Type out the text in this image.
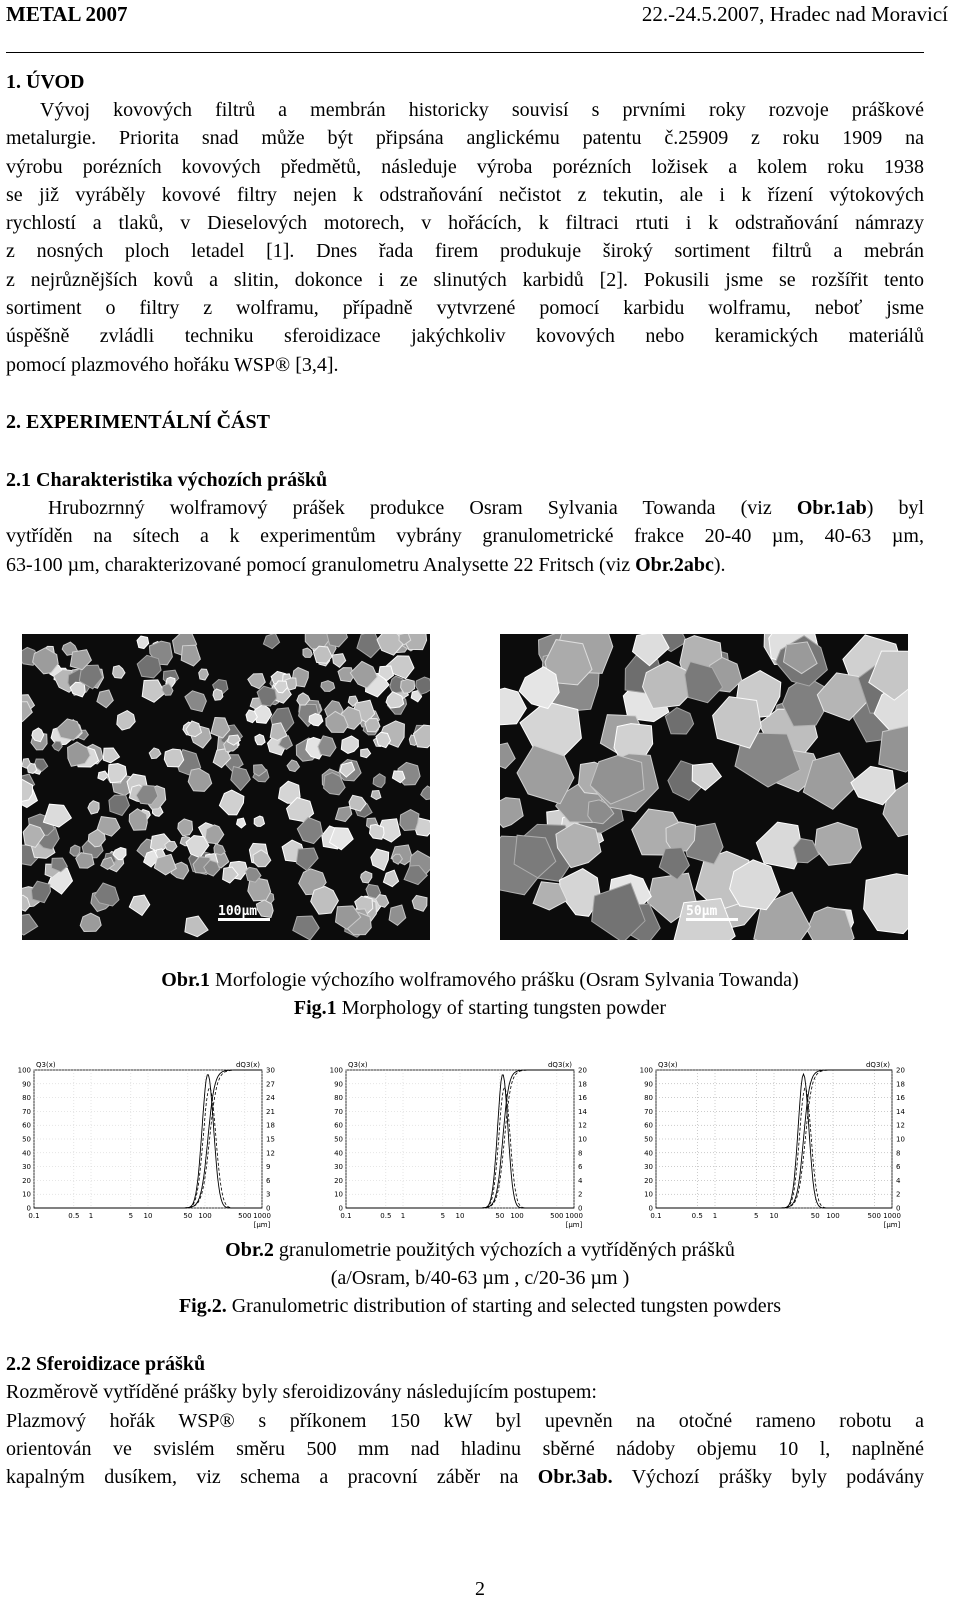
METAL 2007	22.-24.5.2007, Hradec nad Moravicí
1. ÚVOD
Vývoj kovových filtrů a membrán historicky souvisí s prvními roky rozvoje práškové
metalurgie. Priorita snad může být připsána anglickému patentu č.25909 z roku 1909 na
výrobu porézních kovových předmětů, následuje výroba porézních ložisek a kolem roku 1938
se již vyráběly kovové filtry nejen k odstraňování nečistot z tekutin, ale i k řízení výtokových
rychlostí a tlaků, v Dieselových motorech, v hořácích, k filtraci rtuti i k odstraňování námrazy
z nosných ploch letadel [1]. Dnes řada firem produkuje široký sortiment filtrů a mebrán
z nejrůznějších kovů a slitin, dokonce i ze slinutých karbidů [2]. Pokusili jsme se rozšířit tento
sortiment o filtry z wolframu, případně vytvrzené pomocí karbidu wolframu, neboť jsme
úspěšně zvládli techniku sferoidizace jakýchkoliv kovových nebo keramických materiálů
pomocí plazmového hořáku WSP® [3,4].
2. EXPERIMENTÁLNÍ ČÁST
2.1 Charakteristika výchozích prášků
Hrubozrnný wolframový prášek produkce Osram Sylvania Towanda (viz Obr.1ab) byl
vytříděn na sítech a k experimentům vybrány granulometrické frakce 20-40 µm, 40-63 µm,
63-100 µm, charakterizované pomocí granulometru Analysette 22 Fritsch (viz Obr.2abc).
100µm	50µm
Obr.1 Morfologie výchozího wolframového prášku (Osram Sylvania Towanda)
Fig.1 Morphology of starting tungsten powder
100	30
90	27
80	24
70	21
60	18
50	15
40	12
30	9
20	6
10	3
0	0
0.1	0.5 1	5 10	50 100	500 1000
[µm]
Q3(x)	dQ3(x)
100	20
90	18
80	16
70	14
60	12
50	10
40	8
30	6
20	4
10	2
0	0
0.1	0.5 1	5 10	50 100	500 1000
[µm]
Q3(x)	dQ3(x)
100	20
90	18
80	16
70	14
60	12
50	10
40	8
30	6
20	4
10	2
0	0
0.1	0.5 1	5 10	50 100	500 1000
[µm]
Q3(x)	dQ3(x)
Obr.2 granulometrie použitých výchozích a vytříděných prášků
(a/Osram, b/40-63 µm , c/20-36 µm )
Fig.2. Granulometric distribution of starting and selected tungsten powders
2.2 Sferoidizace prášků
Rozměrově vytříděné prášky byly sferoidizovány následujícím postupem:
Plazmový hořák WSP® s příkonem 150 kW byl upevněn na otočné rameno robotu a
orientován ve svislém směru 500 mm nad hladinu sběrné nádoby objemu 10 l, naplněné
kapalným dusíkem, viz schema a pracovní záběr na Obr.3ab. Výchozí prášky byly podávány
2
